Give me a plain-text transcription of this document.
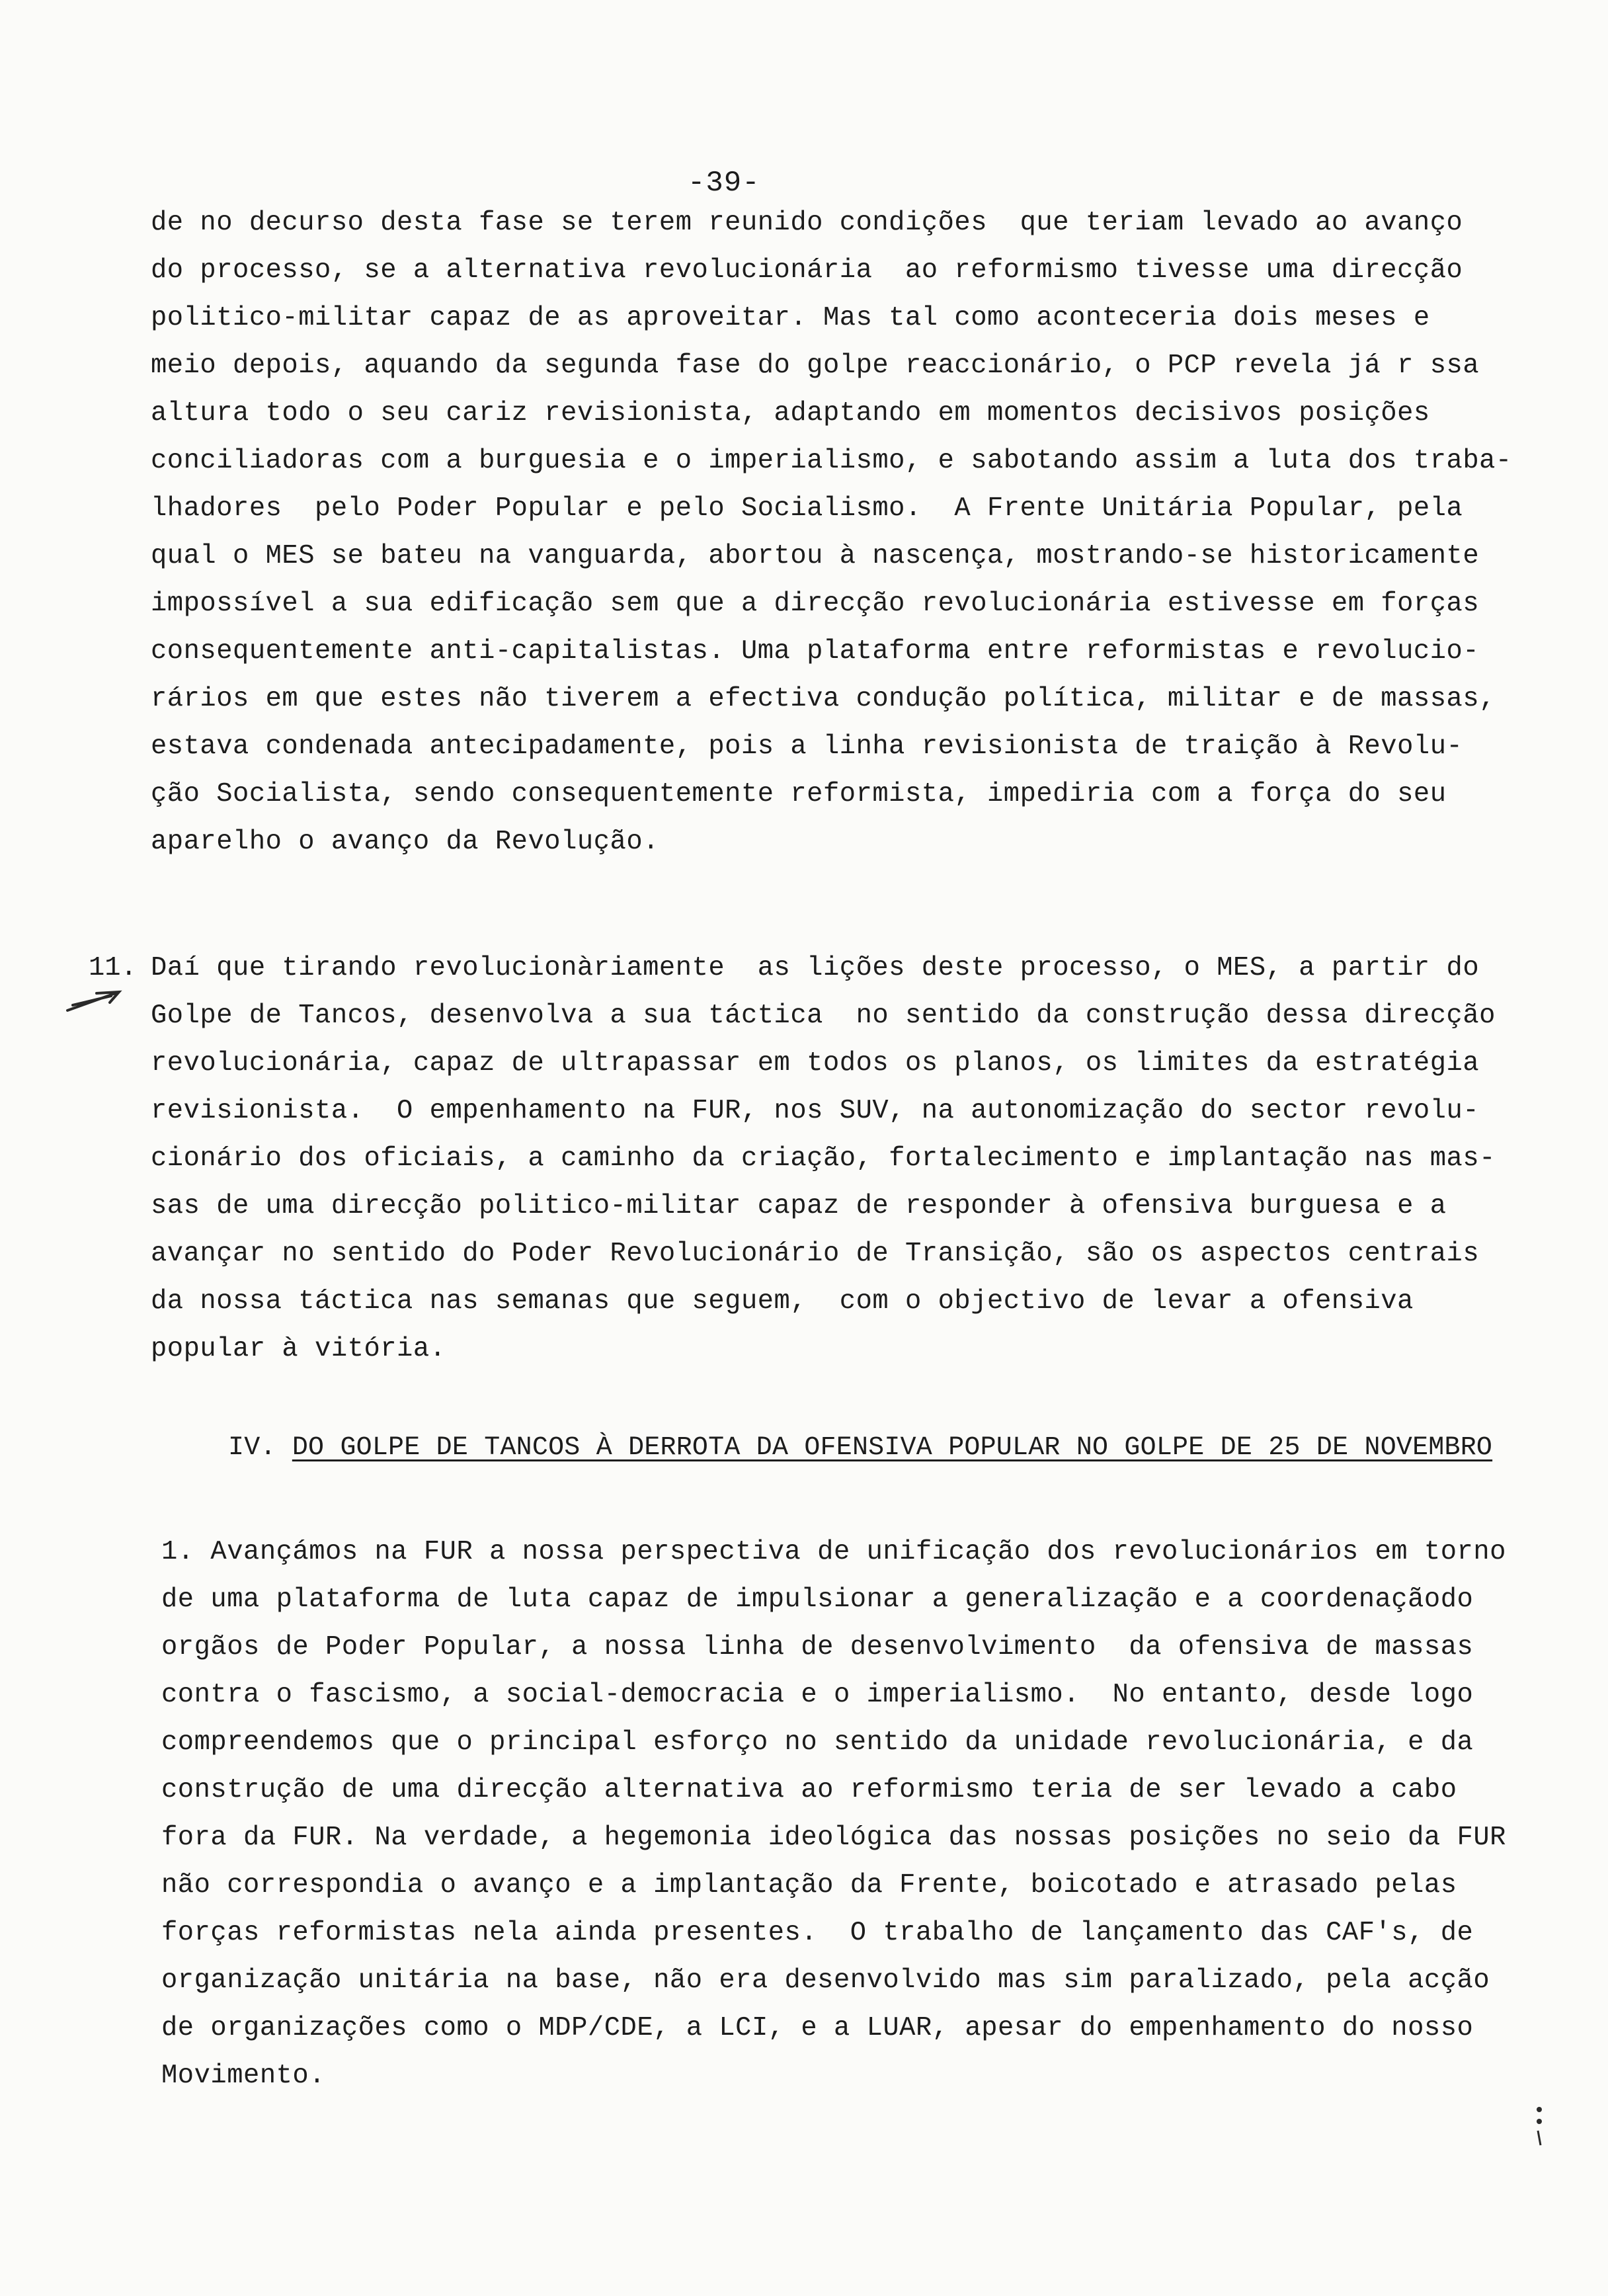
-39-
de no decurso desta fase se terem reunido condições  que teriam levado ao avanço
do processo, se a alternativa revolucionária  ao reformismo tivesse uma direcção
politico-militar capaz de as aproveitar. Mas tal como aconteceria dois meses e
meio depois, aquando da segunda fase do golpe reaccionário, o PCP revela já r ssa
altura todo o seu cariz revisionista, adaptando em momentos decisivos posições
conciliadoras com a burguesia e o imperialismo, e sabotando assim a luta dos traba-
lhadores  pelo Poder Popular e pelo Socialismo.  A Frente Unitária Popular, pela
qual o MES se bateu na vanguarda, abortou à nascença, mostrando-se historicamente
impossível a sua edificação sem que a direcção revolucionária estivesse em forças
consequentemente anti-capitalistas. Uma plataforma entre reformistas e revolucio-
rários em que estes não tiverem a efectiva condução política, militar e de massas,
estava condenada antecipadamente, pois a linha revisionista de traição à Revolu-
ção Socialista, sendo consequentemente reformista, impediria com a força do seu
aparelho o avanço da Revolução.
11. Daí que tirando revolucionàriamente  as lições deste processo, o MES, a partir do
Golpe de Tancos, desenvolva a sua táctica  no sentido da construção dessa direcção
revolucionária, capaz de ultrapassar em todos os planos, os limites da estratégia
revisionista.  O empenhamento na FUR, nos SUV, na autonomização do sector revolu-
cionário dos oficiais, a caminho da criação, fortalecimento e implantação nas mas-
sas de uma direcção politico-militar capaz de responder à ofensiva burguesa e a
avançar no sentido do Poder Revolucionário de Transição, são os aspectos centrais
da nossa táctica nas semanas que seguem,  com o objectivo de levar a ofensiva
popular à vitória.
IV. DO GOLPE DE TANCOS À DERROTA DA OFENSIVA POPULAR NO GOLPE DE 25 DE NOVEMBRO
1. Avançámos na FUR a nossa perspectiva de unificação dos revolucionários em torno
de uma plataforma de luta capaz de impulsionar a generalização e a coordenaçãodo
orgãos de Poder Popular, a nossa linha de desenvolvimento  da ofensiva de massas
contra o fascismo, a social-democracia e o imperialismo.  No entanto, desde logo
compreendemos que o principal esforço no sentido da unidade revolucionária, e da
construção de uma direcção alternativa ao reformismo teria de ser levado a cabo
fora da FUR. Na verdade, a hegemonia ideológica das nossas posições no seio da FUR
não correspondia o avanço e a implantação da Frente, boicotado e atrasado pelas
forças reformistas nela ainda presentes.  O trabalho de lançamento das CAF's, de
organização unitária na base, não era desenvolvido mas sim paralizado, pela acção
de organizações como o MDP/CDE, a LCI, e a LUAR, apesar do empenhamento do nosso
Movimento.
